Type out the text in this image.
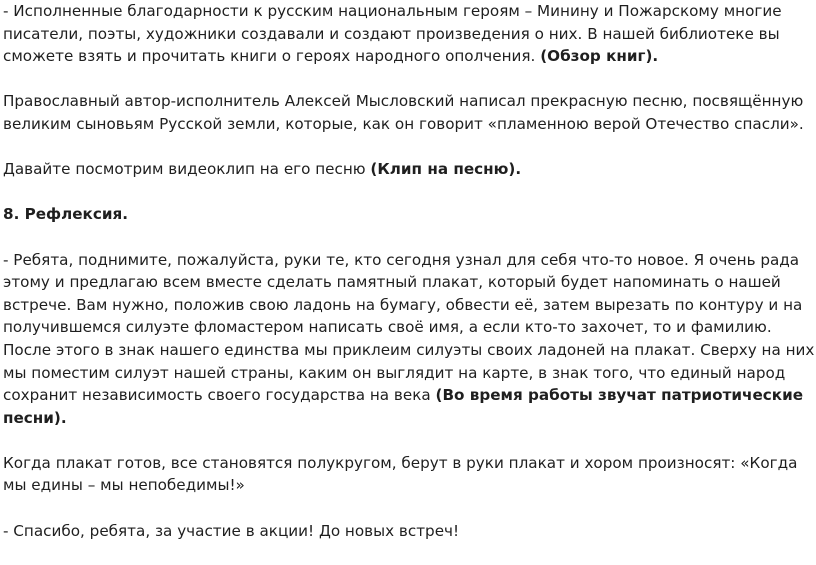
- Исполненные благодарности к русским национальным героям – Минину и Пожарскому многие
писатели, поэты, художники создавали и создают произведения о них. В нашей библиотеке вы
сможете взять и прочитать книги о героях народного ополчения. (Обзор книг).

Православный автор-исполнитель Алексей Мысловский написал прекрасную песню, посвящённую
великим сыновьям Русской земли, которые, как он говорит «пламенною верой Отечество спасли».

Давайте посмотрим видеоклип на его песню (Клип на песню).

8. Рефлексия.

- Ребята, поднимите, пожалуйста, руки те, кто сегодня узнал для себя что-то новое. Я очень рада
этому и предлагаю всем вместе сделать памятный плакат, который будет напоминать о нашей
встрече. Вам нужно, положив свою ладонь на бумагу, обвести её, затем вырезать по контуру и на
получившемся силуэте фломастером написать своё имя, а если кто-то захочет, то и фамилию.
После этого в знак нашего единства мы приклеим силуэты своих ладоней на плакат. Сверху на них
мы поместим силуэт нашей страны, каким он выглядит на карте, в знак того, что единый народ
сохранит независимость своего государства на века (Во время работы звучат патриотические
песни).

Когда плакат готов, все становятся полукругом, берут в руки плакат и хором произносят: «Когда
мы едины – мы непобедимы!»

- Спасибо, ребята, за участие в акции! До новых встреч!
